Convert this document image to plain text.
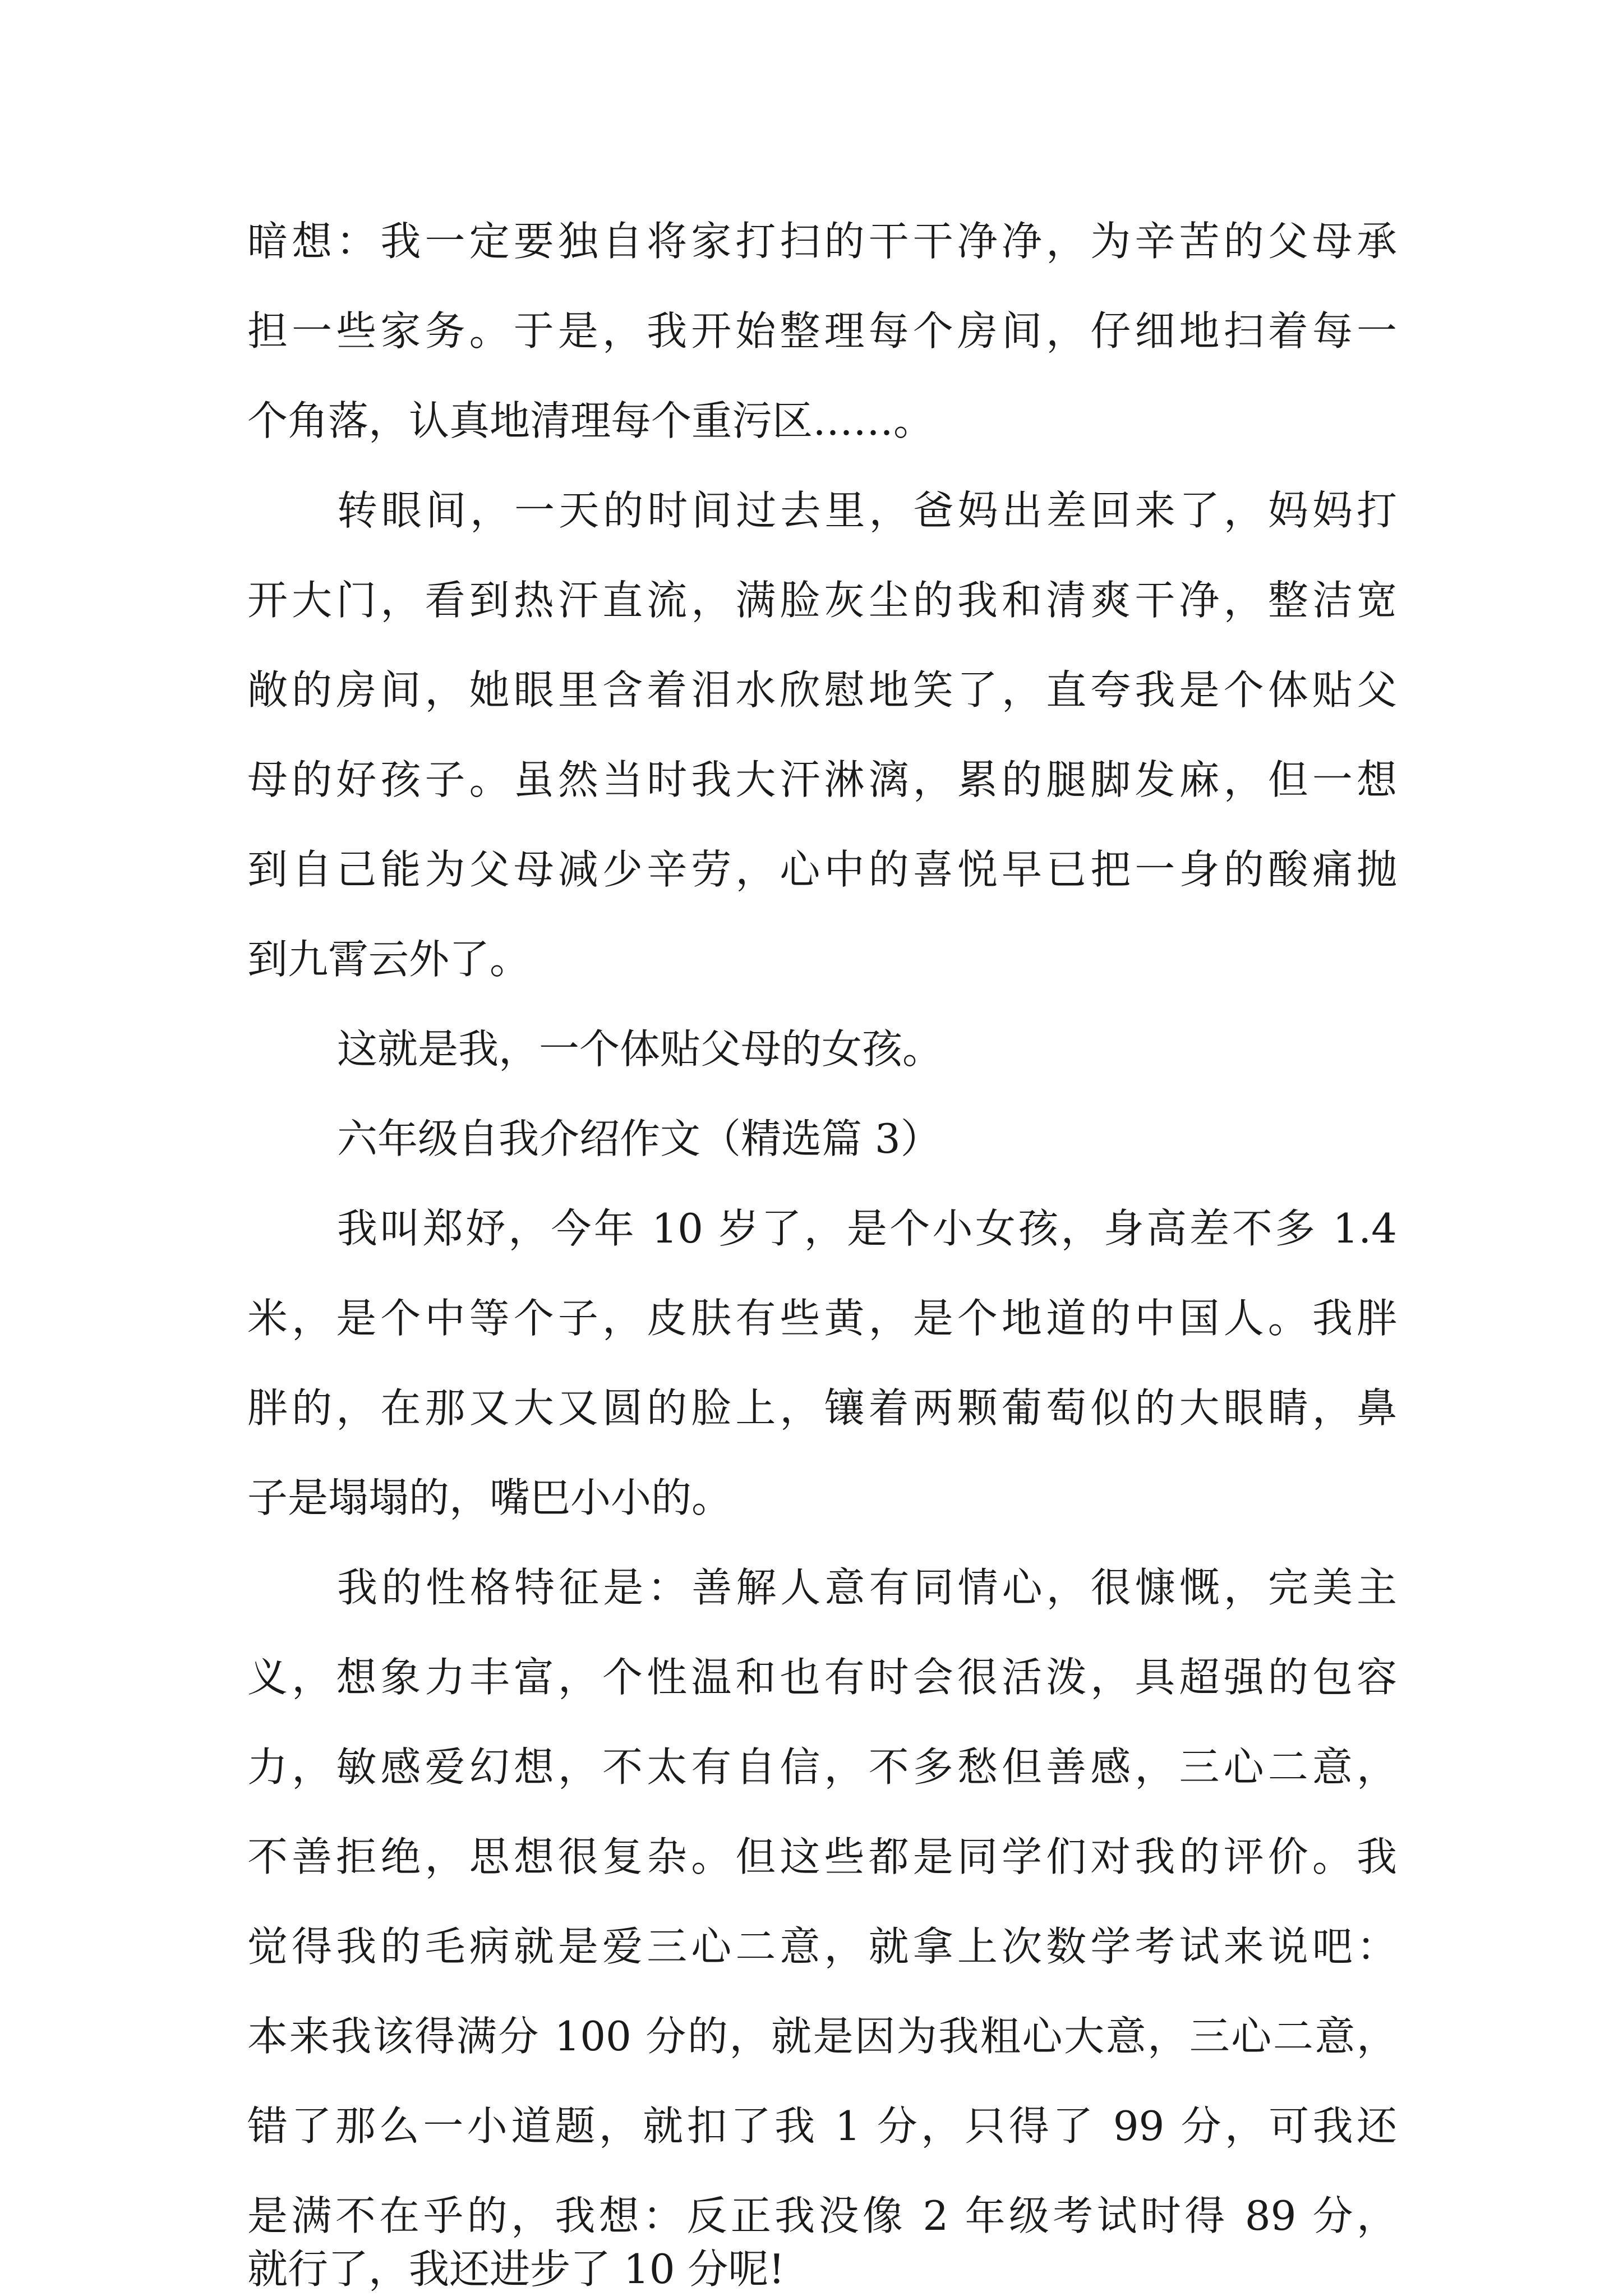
暗想：我一定要独自将家打扫的干干净净，为辛苦的父母承
担一些家务。于是，我开始整理每个房间，仔细地扫着每一
个角落，认真地清理每个重污区……。
转眼间，一天的时间过去里，爸妈出差回来了，妈妈打
开大门，看到热汗直流，满脸灰尘的我和清爽干净，整洁宽
敞的房间，她眼里含着泪水欣慰地笑了，直夸我是个体贴父
母的好孩子。虽然当时我大汗淋漓，累的腿脚发麻，但一想
到自己能为父母减少辛劳，心中的喜悦早已把一身的酸痛抛
到九霄云外了。
这就是我，一个体贴父母的女孩。
六年级自我介绍作文（精选篇 3）
我叫郑妤，今年 10 岁了，是个小女孩，身高差不多 1.4
米，是个中等个子，皮肤有些黄，是个地道的中国人。我胖
胖的，在那又大又圆的脸上，镶着两颗葡萄似的大眼睛，鼻
子是塌塌的，嘴巴小小的。
我的性格特征是：善解人意有同情心，很慷慨，完美主
义，想象力丰富，个性温和也有时会很活泼，具超强的包容
力，敏感爱幻想，不太有自信，不多愁但善感，三心二意，
不善拒绝，思想很复杂。但这些都是同学们对我的评价。我
觉得我的毛病就是爱三心二意，就拿上次数学考试来说吧：
本来我该得满分 100 分的，就是因为我粗心大意，三心二意，
错了那么一小道题，就扣了我 1 分，只得了 99 分，可我还
是满不在乎的，我想：反正我没像 2 年级考试时得 89 分，
就行了，我还进步了 10 分呢!
